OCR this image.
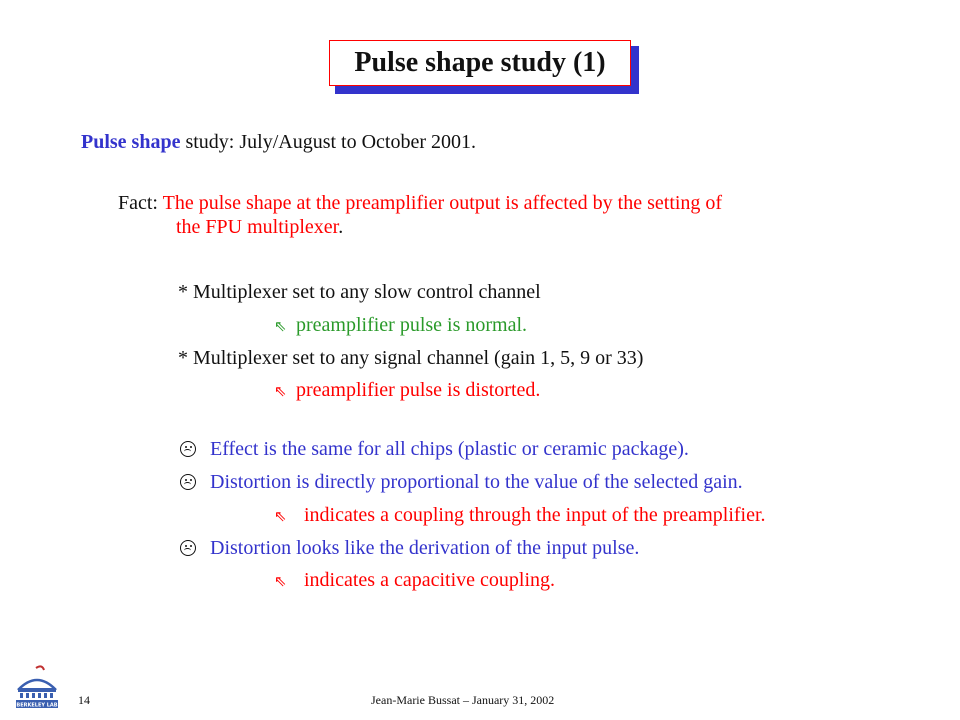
Pulse shape study (1)
Pulse shape study: July/August to October 2001.
Fact: The pulse shape at the preamplifier output is affected by the setting of
the FPU multiplexer.
* Multiplexer set to any slow control channel
⇖ preamplifier pulse is normal.
* Multiplexer set to any signal channel (gain 1, 5, 9 or 33)
⇖ preamplifier pulse is distorted.
Effect is the same for all chips (plastic or ceramic package).
Distortion is directly proportional to the value of the selected gain.
⇖ indicates a coupling through the input of the preamplifier.
Distortion looks like the derivation of the input pulse.
⇖ indicates a capacitive coupling.
BERKELEY LAB 14	Jean-Marie Bussat – January 31, 2002
